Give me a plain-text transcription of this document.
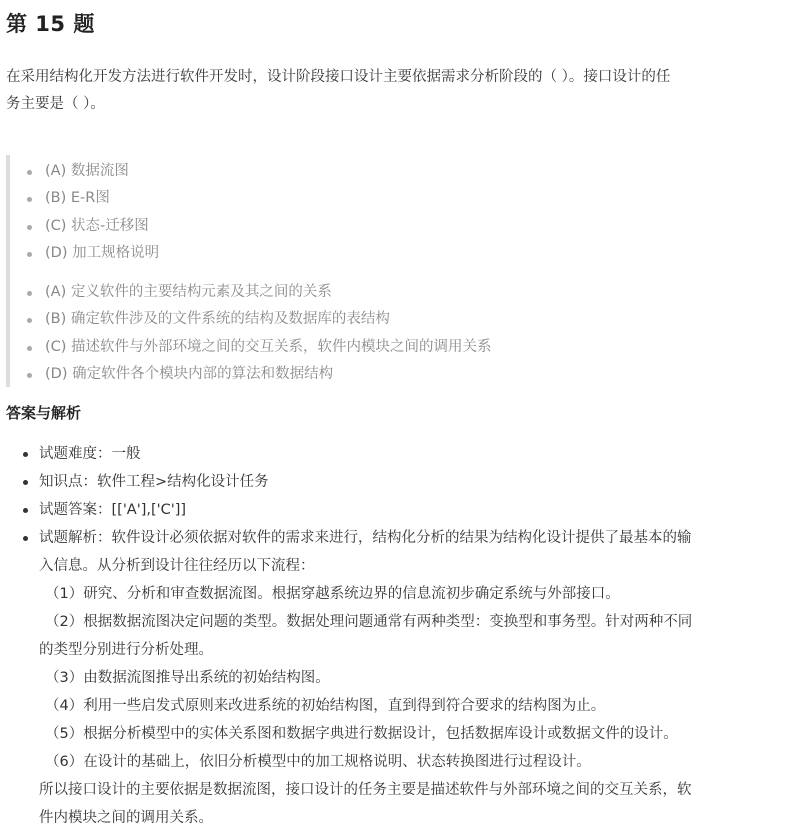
第 15 题

在采用结构化开发方法进行软件开发时，设计阶段接口设计主要依据需求分析阶段的（ ）。接口设计的任
务主要是（ ）。

(A) 数据流图
(B) E-R图
(C) 状态-迁移图
(D) 加工规格说明
(A) 定义软件的主要结构元素及其之间的关系
(B) 确定软件涉及的文件系统的结构及数据库的表结构
(C) 描述软件与外部环境之间的交互关系，软件内模块之间的调用关系
(D) 确定软件各个模块内部的算法和数据结构
答案与解析
试题难度：一般
知识点：软件工程>结构化设计任务
试题答案：[['A'],['C']]
试题解析：软件设计必须依据对软件的需求来进行，结构化分析的结果为结构化设计提供了最基本的输
入信息。从分析到设计往往经历以下流程：
（1）研究、分析和审查数据流图。根据穿越系统边界的信息流初步确定系统与外部接口。
（2）根据数据流图决定问题的类型。数据处理问题通常有两种类型：变换型和事务型。针对两种不同
的类型分别进行分析处理。
（3）由数据流图推导出系统的初始结构图。
（4）利用一些启发式原则来改进系统的初始结构图，直到得到符合要求的结构图为止。
（5）根据分析模型中的实体关系图和数据字典进行数据设计，包括数据库设计或数据文件的设计。
（6）在设计的基础上，依旧分析模型中的加工规格说明、状态转换图进行过程设计。
所以接口设计的主要依据是数据流图，接口设计的任务主要是描述软件与外部环境之间的交互关系，软
件内模块之间的调用关系。
